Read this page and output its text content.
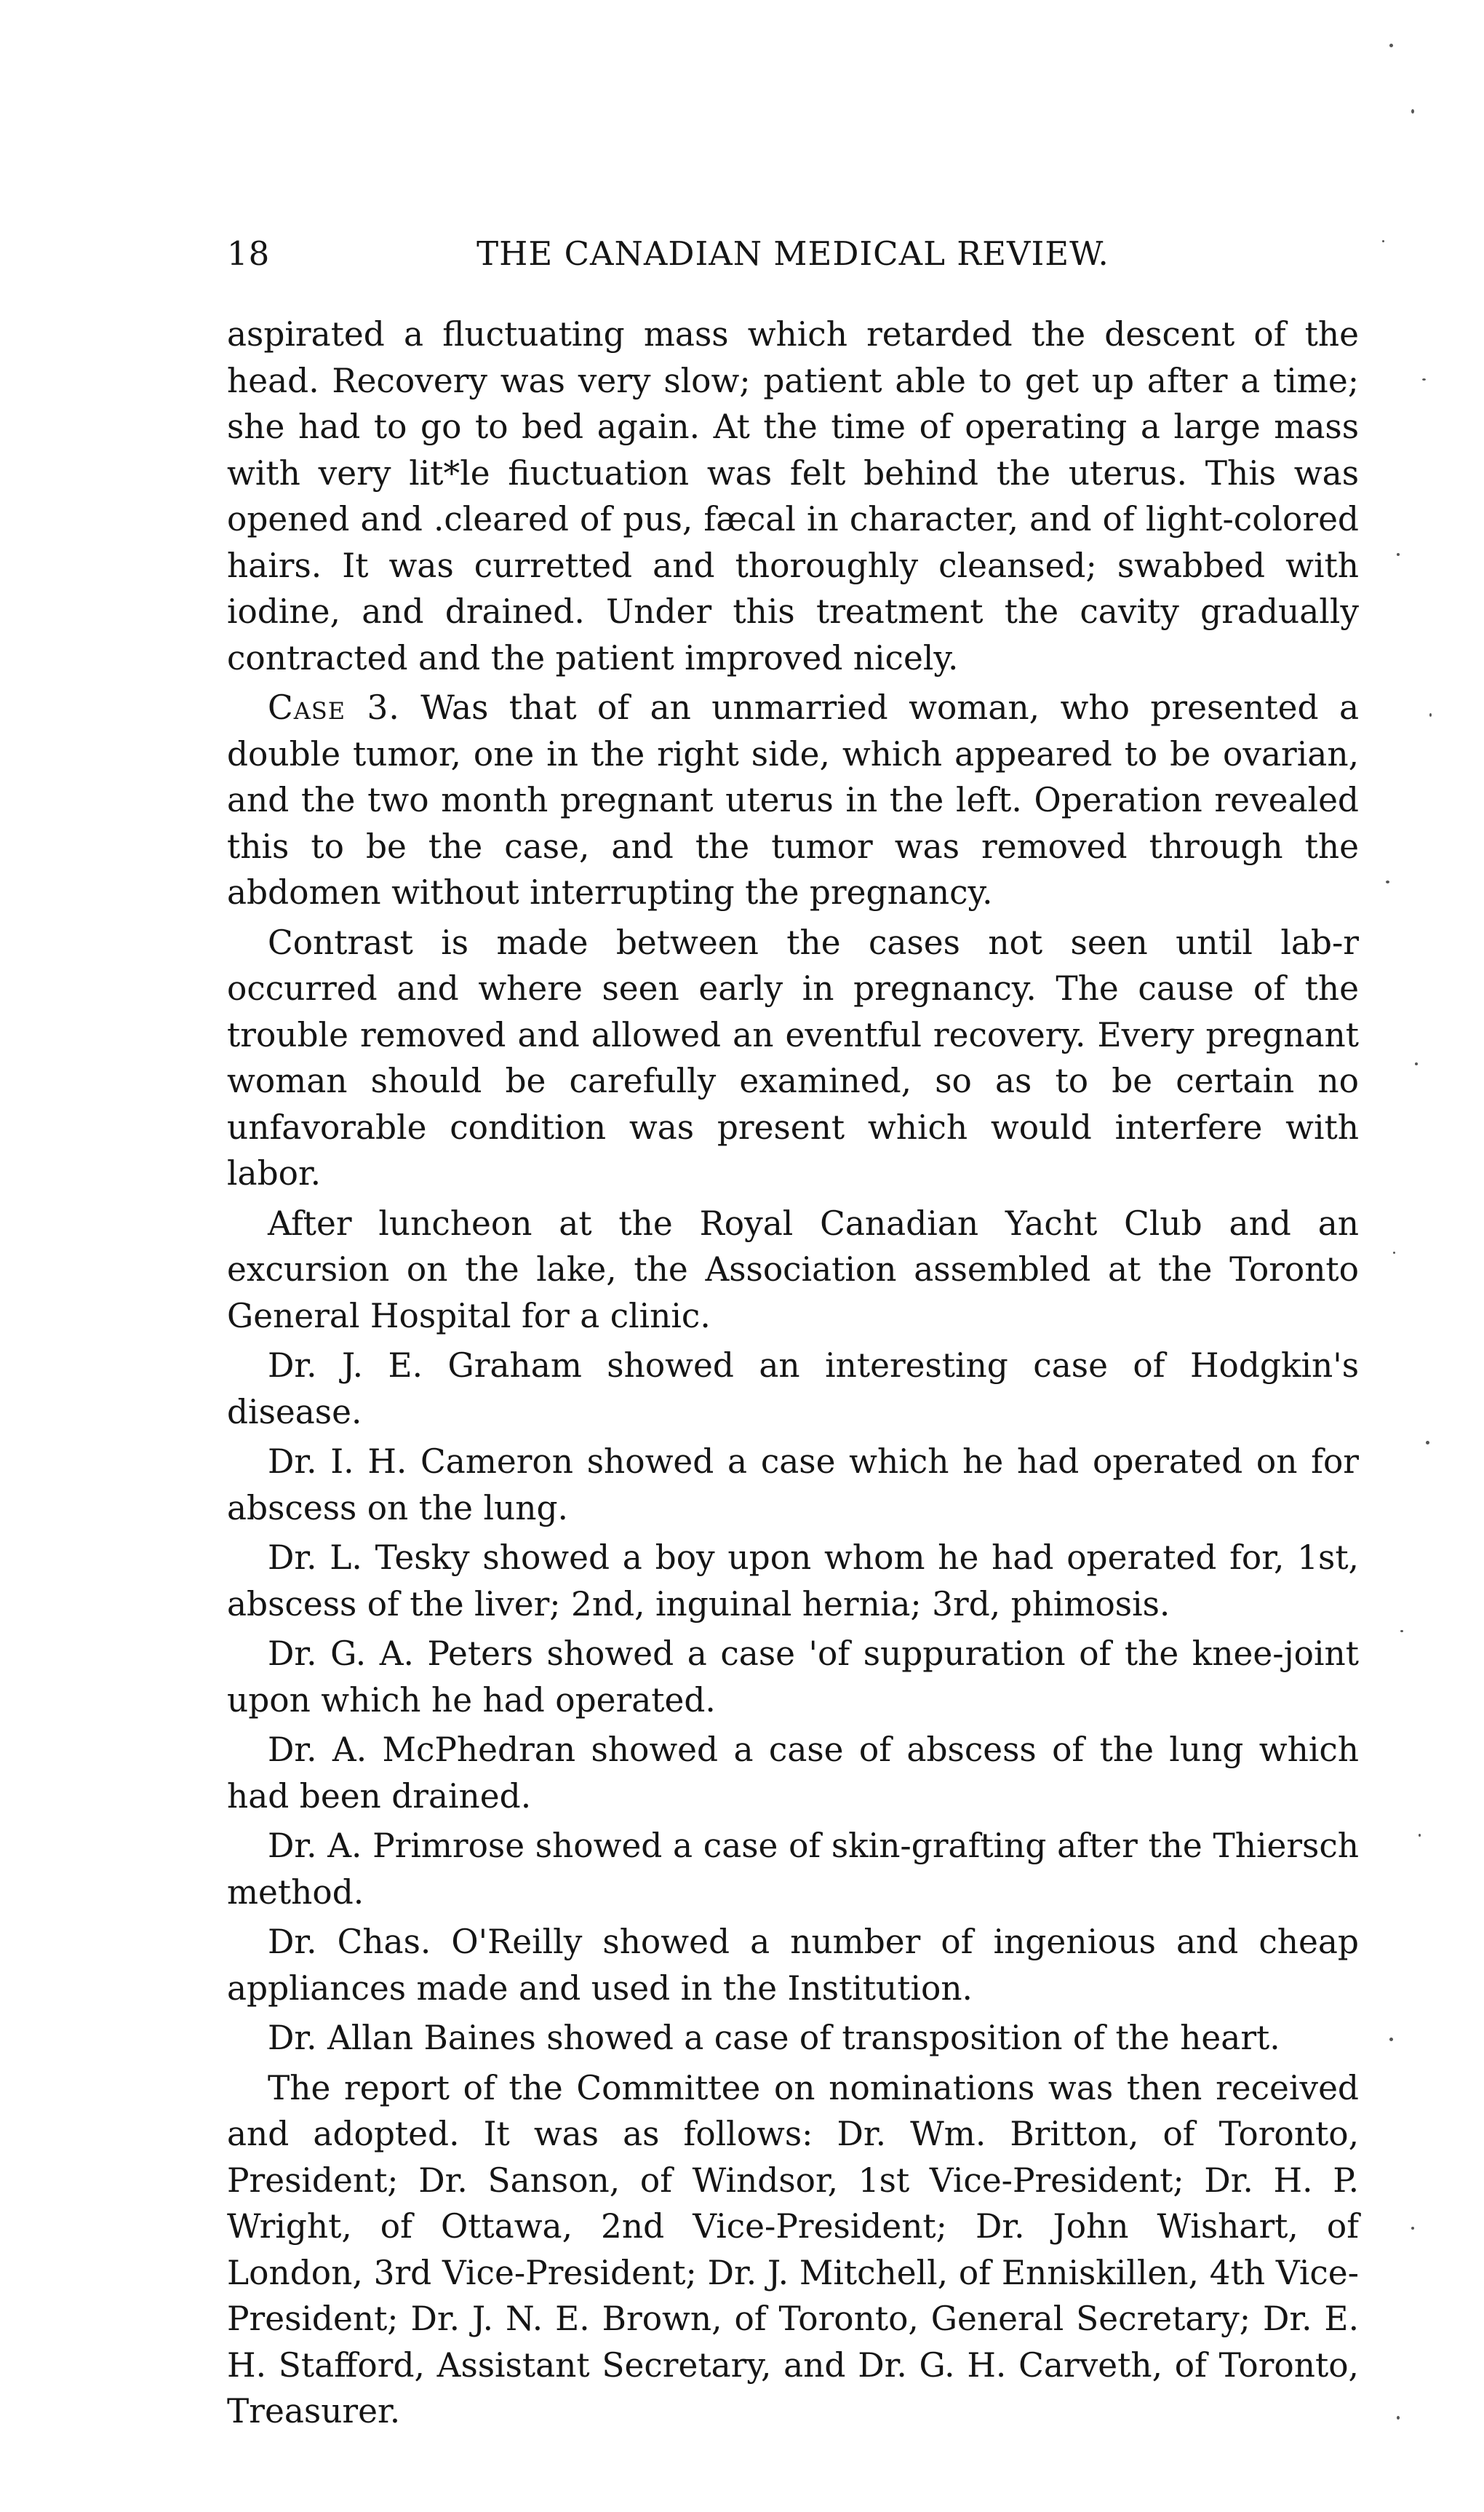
18	THE CANADIAN MEDICAL REVIEW.

aspirated a fluctuating mass which retarded the descent of the head. Recovery was very slow; patient able to get up after a time; she had to go to bed again. At the time of operating a large mass with very lit*le fiuctuation was felt behind the uterus. This was opened and .cleared of pus, fæcal in character, and of light-colored hairs. It was curretted and thoroughly cleansed; swabbed with iodine, and drained. Under this treatment the cavity gradually contracted and the patient improved nicely.

Case 3. Was that of an unmarried woman, who presented a double tumor, one in the right side, which appeared to be ovarian, and the two month pregnant uterus in the left. Operation revealed this to be the case, and the tumor was removed through the abdomen without interrupting the pregnancy.

Contrast is made between the cases not seen until lab-r occurred and where seen early in pregnancy. The cause of the trouble removed and allowed an eventful recovery. Every pregnant woman should be carefully examined, so as to be certain no unfavorable condition was present which would interfere with labor.

After luncheon at the Royal Canadian Yacht Club and an excursion on the lake, the Association assembled at the Toronto General Hospital for a clinic.

Dr. J. E. Graham showed an interesting case of Hodgkin's disease.

Dr. I. H. Cameron showed a case which he had operated on for abscess on the lung.

Dr. L. Tesky showed a boy upon whom he had operated for, 1st, abscess of the liver; 2nd, inguinal hernia; 3rd, phimosis.

Dr. G. A. Peters showed a case 'of suppuration of the knee-joint upon which he had operated.

Dr. A. McPhedran showed a case of abscess of the lung which had been drained.

Dr. A. Primrose showed a case of skin-grafting after the Thiersch method.

Dr. Chas. O'Reilly showed a number of ingenious and cheap appliances made and used in the Institution.

Dr. Allan Baines showed a case of transposition of the heart.

The report of the Committee on nominations was then received and adopted. It was as follows: Dr. Wm. Britton, of Toronto, President; Dr. Sanson, of Windsor, 1st Vice-President; Dr. H. P. Wright, of Ottawa, 2nd Vice-President; Dr. John Wishart, of London, 3rd Vice-President; Dr. J. Mitchell, of Enniskillen, 4th Vice-President; Dr. J. N. E. Brown, of Toronto, General Secretary; Dr. E. H. Stafford, Assistant Secretary, and Dr. G. H. Carveth, of Toronto, Treasurer.
